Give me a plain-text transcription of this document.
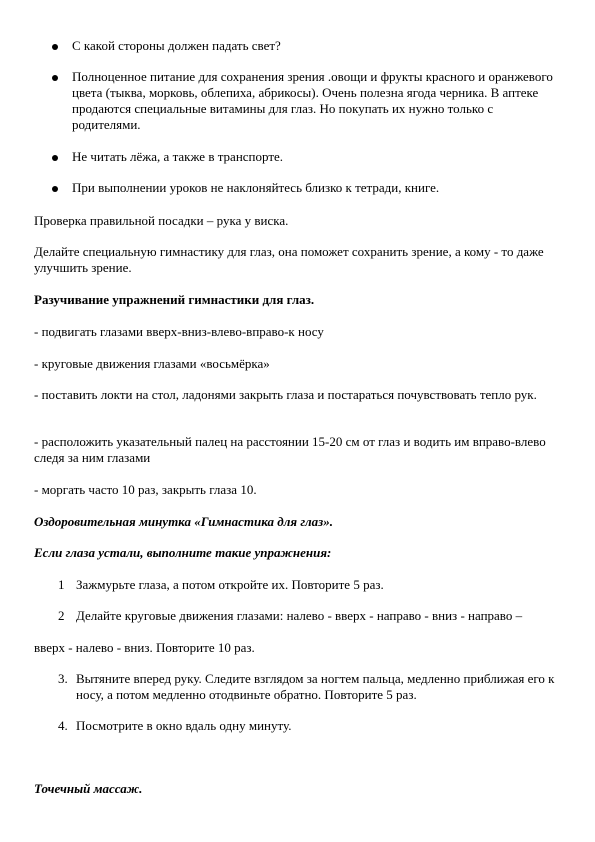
С какой стороны должен падать свет?

Полноценное питание для сохранения зрения .овощи и фрукты красного и оранжевого цвета (тыква, морковь, облепиха, абрикосы). Очень полезна ягода черника. В аптеке продаются специальные витамины для глаз. Но покупать их нужно только с родителями.

Не читать лёжа, а также в транспорте.

При выполнении уроков не наклоняйтесь близко к тетради, книге.

Проверка правильной посадки – рука у виска.

Делайте специальную гимнастику для глаз, она поможет сохранить зрение, а кому - то даже улучшить зрение.

Разучивание упражнений гимнастики для глаз.

- подвигать глазами вверх-вниз-влево-вправо-к носу

- круговые движения глазами «восьмёрка»

- поставить локти на стол, ладонями закрыть глаза и постараться почувствовать тепло рук.

- расположить указательный палец на расстоянии 15-20 см от глаз и водить им вправо-влево следя за ним глазами

- моргать часто 10 раз, закрыть глаза 10.

Оздоровительная минутка «Гимнастика для глаз».

Если глаза устали, выполните такие упражнения:

1 Зажмурьте глаза, а потом откройте их. Повторите 5 раз.

2 Делайте круговые движения глазами: налево - вверх - направо - вниз - направо –

вверх - налево - вниз. Повторите 10 раз.

3. Вытяните вперед руку. Следите взглядом за ногтем пальца, медленно приближая его к носу, а потом медленно отодвиньте обратно. Повторите 5 раз.

4. Посмотрите в окно вдаль одну минуту.

Точечный массаж.
